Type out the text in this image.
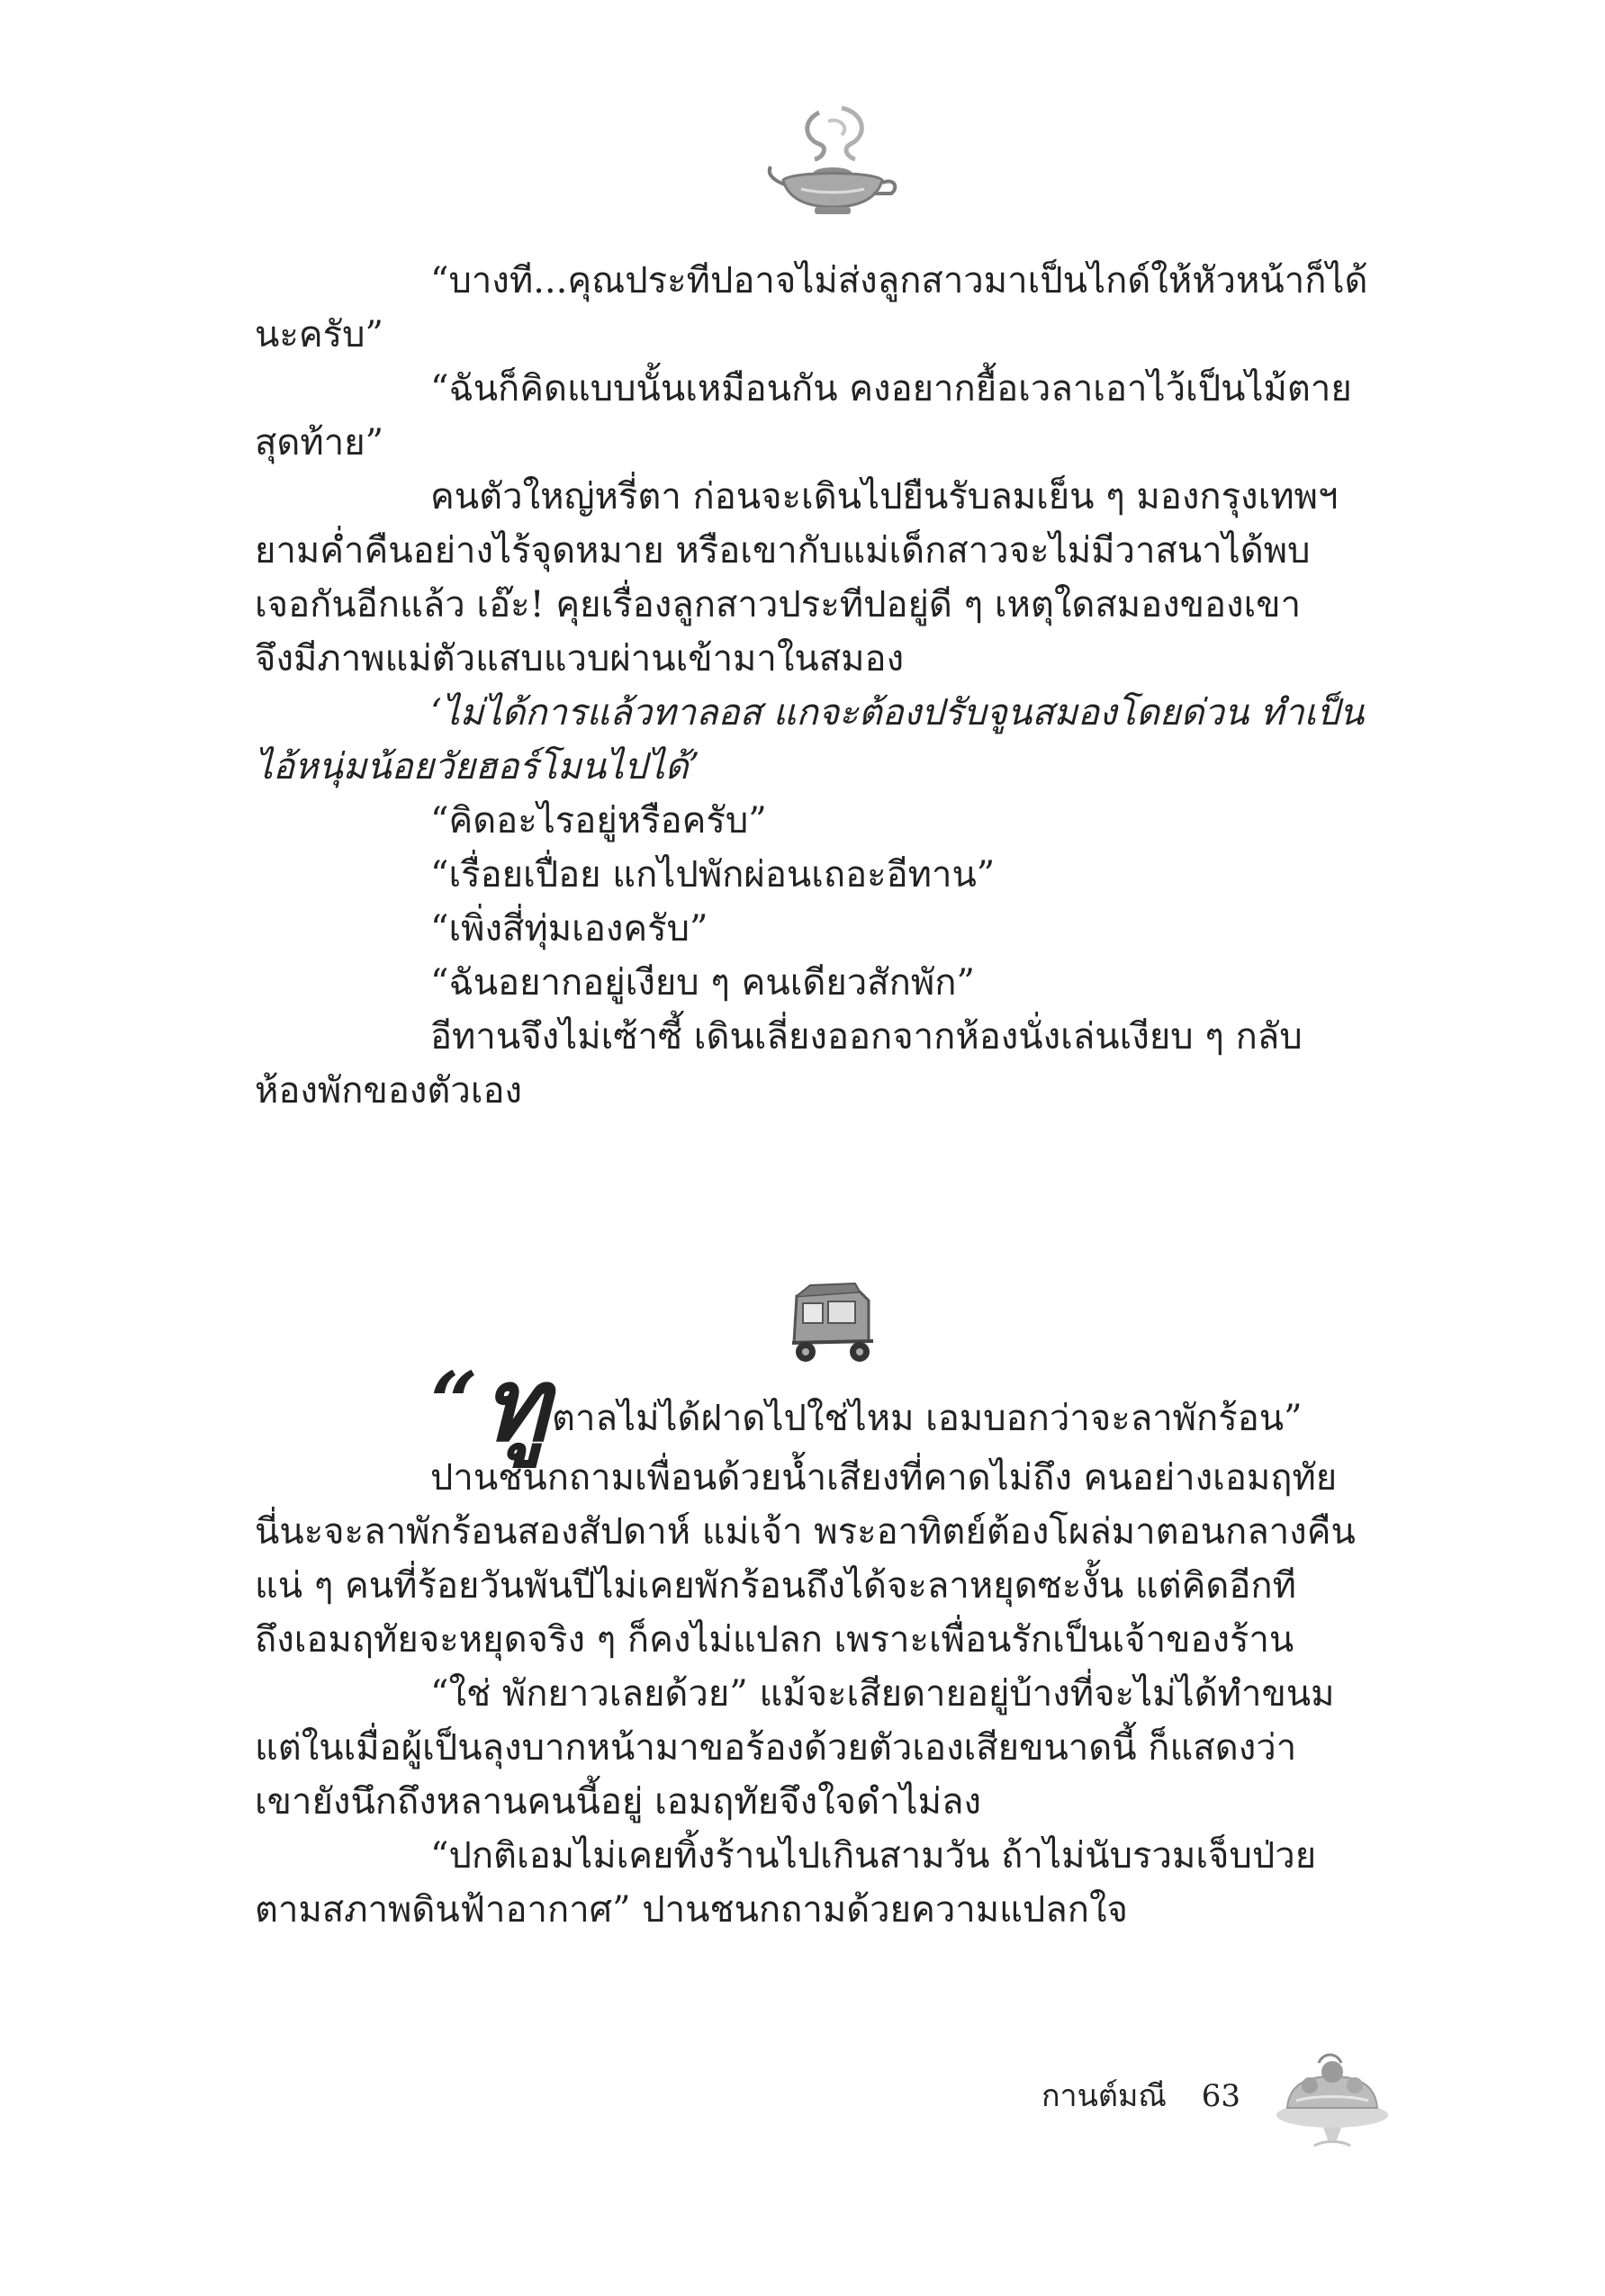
“บางที...คุณประทีปอาจไม่ส่งลูกสาวมาเป็นไกด์ให้หัวหน้าก็ได้
นะครับ”
“ฉันก็คิดแบบนั้นเหมือนกัน คงอยากยื้อเวลาเอาไว้เป็นไม้ตาย
สุดท้าย”
คนตัวใหญ่หรี่ตา ก่อนจะเดินไปยืนรับลมเย็น ๆ มองกรุงเทพฯ
ยามค่ำคืนอย่างไร้จุดหมาย หรือเขากับแม่เด็กสาวจะไม่มีวาสนาได้พบ
เจอกันอีกแล้ว เอ๊ะ! คุยเรื่องลูกสาวประทีปอยู่ดี ๆ เหตุใดสมองของเขา
จึงมีภาพแม่ตัวแสบแวบผ่านเข้ามาในสมอง
‘ไม่ได้การแล้วทาลอส แกจะต้องปรับจูนสมองโดยด่วน ทำเป็น
ไอ้หนุ่มน้อยวัยฮอร์โมนไปได้’
“คิดอะไรอยู่หรือครับ”
“เรื่อยเปื่อย แกไปพักผ่อนเถอะอีทาน”
“เพิ่งสี่ทุ่มเองครับ”
“ฉันอยากอยู่เงียบ ๆ คนเดียวสักพัก”
อีทานจึงไม่เซ้าซี้ เดินเลี่ยงออกจากห้องนั่งเล่นเงียบ ๆ กลับ
ห้องพักของตัวเอง
“ ทู ตาลไม่ได้ฝาดไปใช่ไหม เอมบอกว่าจะลาพักร้อน”
ปานชนกถามเพื่อนด้วยน้ำเสียงที่คาดไม่ถึง คนอย่างเอมฤทัย
นี่นะจะลาพักร้อนสองสัปดาห์ แม่เจ้า พระอาทิตย์ต้องโผล่มาตอนกลางคืน
แน่ ๆ คนที่ร้อยวันพันปีไม่เคยพักร้อนถึงได้จะลาหยุดซะงั้น แต่คิดอีกที
ถึงเอมฤทัยจะหยุดจริง ๆ ก็คงไม่แปลก เพราะเพื่อนรักเป็นเจ้าของร้าน
“ใช่ พักยาวเลยด้วย” แม้จะเสียดายอยู่บ้างที่จะไม่ได้ทำขนม
แต่ในเมื่อผู้เป็นลุงบากหน้ามาขอร้องด้วยตัวเองเสียขนาดนี้ ก็แสดงว่า
เขายังนึกถึงหลานคนนี้อยู่ เอมฤทัยจึงใจดำไม่ลง
“ปกติเอมไม่เคยทิ้งร้านไปเกินสามวัน ถ้าไม่นับรวมเจ็บป่วย
ตามสภาพดินฟ้าอากาศ” ปานชนกถามด้วยความแปลกใจ
กานต์มณี 63
